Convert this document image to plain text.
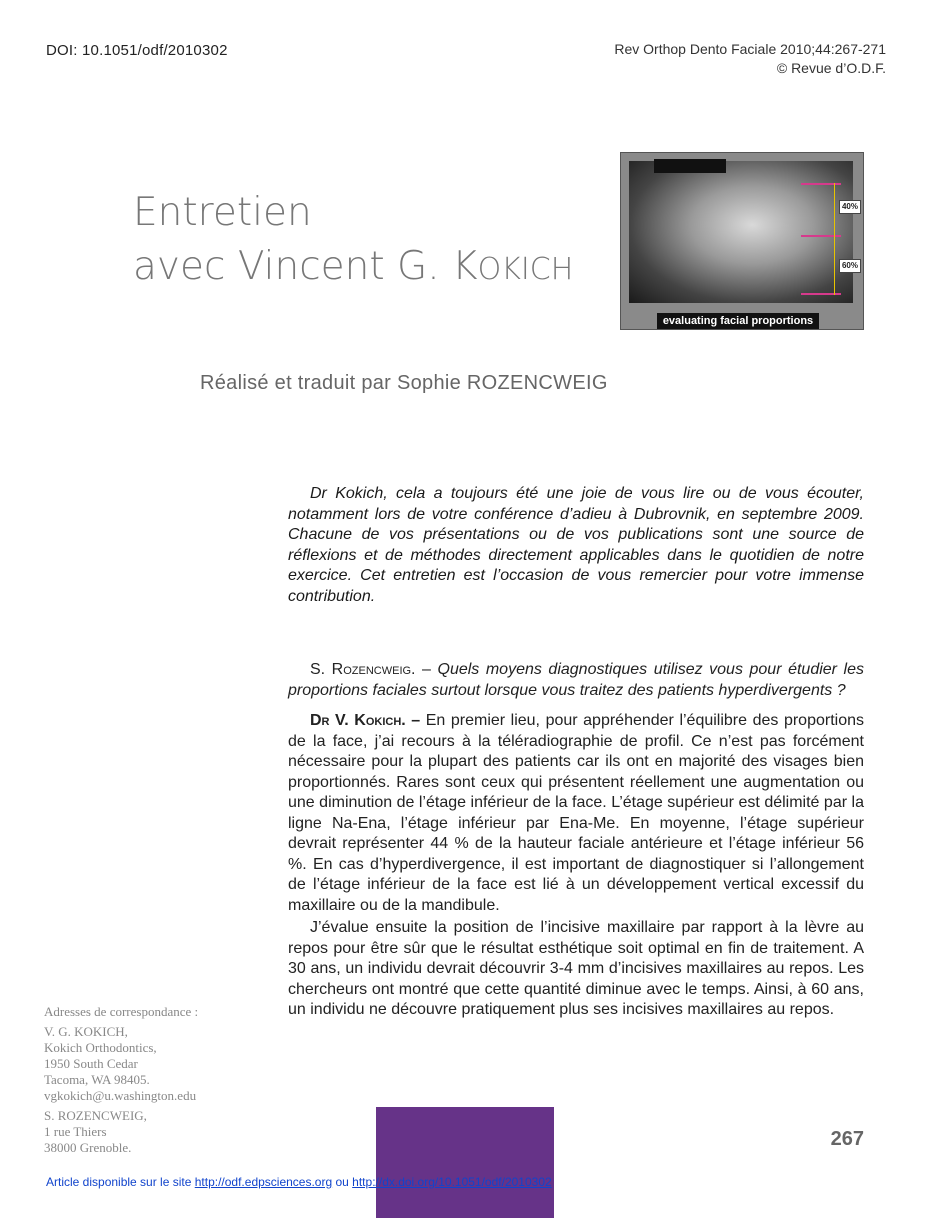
DOI: 10.1051/odf/2010302	Rev Orthop Dento Faciale 2010;44:267-271
© Revue d’O.D.F.
Entretien
avec Vincent G. KOKICH
40%
60%
evaluating facial proportions
Réalisé et traduit par Sophie ROZENCWEIG

Dr Kokich, cela a toujours été une joie de vous lire ou de vous écouter, notamment lors de votre conférence d’adieu à Dubrovnik, en septembre 2009. Chacune de vos présentations ou de vos publications sont une source de réflexions et de méthodes directement applicables dans le quotidien de notre exercice. Cet entretien est l’occasion de vous remercier pour votre immense contribution.

S. Rozencweig. – Quels moyens diagnostiques utilisez vous pour étudier les proportions faciales surtout lorsque vous traitez des patients hyperdivergents ?

Dr V. Kokich. – En premier lieu, pour appréhender l’équilibre des proportions de la face, j’ai recours à la téléradiographie de profil. Ce n’est pas forcément nécessaire pour la plupart des patients car ils ont en majorité des visages bien proportionnés. Rares sont ceux qui présentent réellement une augmentation ou une diminution de l’étage inférieur de la face. L’étage supérieur est délimité par la ligne Na-Ena, l’étage inférieur par Ena-Me. En moyenne, l’étage supérieur devrait représenter 44 % de la hauteur faciale antérieure et l’étage inférieur 56 %. En cas d’hyperdivergence, il est important de diagnostiquer si l’allongement de l’étage inférieur de la face est lié à un développement vertical excessif du maxillaire ou de la mandibule.

J’évalue ensuite la position de l’incisive maxillaire par rapport à la lèvre au repos pour être sûr que le résultat esthétique soit optimal en fin de traitement. A 30 ans, un individu devrait découvrir 3-4 mm d’incisives maxillaires au repos. Les chercheurs ont montré que cette quantité diminue avec le temps. Ainsi, à 60 ans, un individu ne découvre pratiquement plus ses incisives maxillaires au repos.

Adresses de correspondance :

V. G. KOKICH,
Kokich Orthodontics,
1950 South Cedar
Tacoma, WA 98405.
vgkokich@u.washington.edu

S. ROZENCWEIG,
1 rue Thiers
38000 Grenoble.	267
Article disponible sur le site http://odf.edpsciences.org ou http://dx.doi.org/10.1051/odf/2010302
